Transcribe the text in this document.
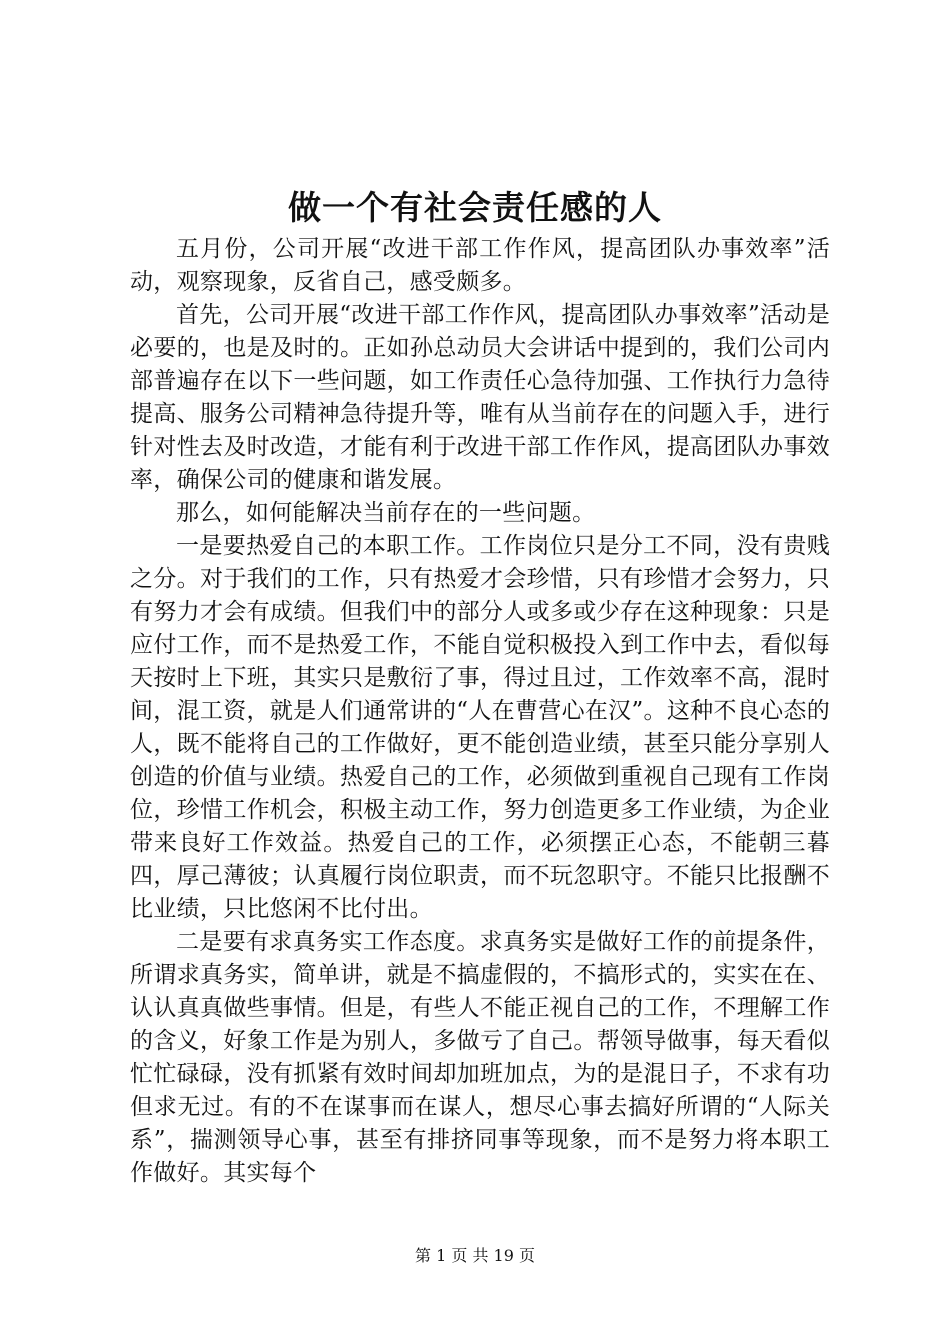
做一个有社会责任感的人

五月份，公司开展“改进干部工作作风，提高团队办事效率”活动，观察现象，反省自己，感受颇多。

首先，公司开展“改进干部工作作风，提高团队办事效率”活动是必要的，也是及时的。正如孙总动员大会讲话中提到的，我们公司内部普遍存在以下一些问题，如工作责任心急待加强、工作执行力急待提高、服务公司精神急待提升等，唯有从当前存在的问题入手，进行针对性去及时改造，才能有利于改进干部工作作风，提高团队办事效率，确保公司的健康和谐发展。

那么，如何能解决当前存在的一些问题。

一是要热爱自己的本职工作。工作岗位只是分工不同，没有贵贱之分。对于我们的工作，只有热爱才会珍惜，只有珍惜才会努力，只有努力才会有成绩。但我们中的部分人或多或少存在这种现象：只是应付工作，而不是热爱工作，不能自觉积极投入到工作中去，看似每天按时上下班，其实只是敷衍了事，得过且过，工作效率不高，混时间，混工资，就是人们通常讲的“人在曹营心在汉”。这种不良心态的人，既不能将自己的工作做好，更不能创造业绩，甚至只能分享别人创造的价值与业绩。热爱自己的工作，必须做到重视自己现有工作岗位，珍惜工作机会，积极主动工作，努力创造更多工作业绩，为企业带来良好工作效益。热爱自己的工作，必须摆正心态，不能朝三暮四，厚己薄彼；认真履行岗位职责，而不玩忽职守。不能只比报酬不比业绩，只比悠闲不比付出。

二是要有求真务实工作态度。求真务实是做好工作的前提条件，所谓求真务实，简单讲，就是不搞虚假的，不搞形式的，实实在在、认认真真做些事情。但是，有些人不能正视自己的工作，不理解工作的含义，好象工作是为别人，多做亏了自己。帮领导做事，每天看似忙忙碌碌，没有抓紧有效时间却加班加点，为的是混日子，不求有功但求无过。有的不在谋事而在谋人，想尽心事去搞好所谓的“人际关系”，揣测领导心事，甚至有排挤同事等现象，而不是努力将本职工作做好。其实每个

第 1 页 共 19 页
